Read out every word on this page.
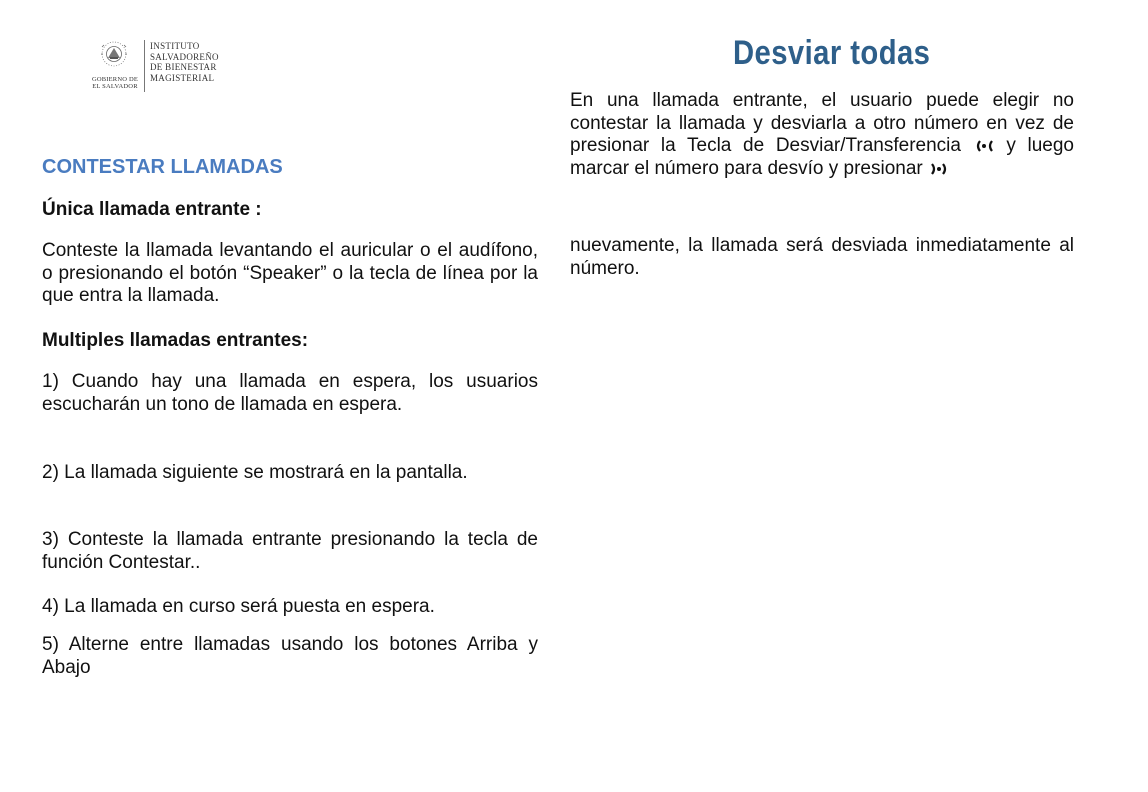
GOBIERNO DE
EL SALVADOR
INSTITUTO
SALVADOREÑO
DE BIENESTAR
MAGISTERIAL
CONTESTAR LLAMADAS
Única llamada entrante :
Conteste la llamada levantando el auricular o el audífono, o presionando el botón “Speaker” o la tecla de línea por la que entra la llamada.
Multiples llamadas entrantes:
1) Cuando hay una llamada en espera, los usuarios escucharán un tono de llamada en espera.
2) La llamada siguiente se mostrará en la pantalla.
3) Conteste la llamada entrante presionando la tecla de función Contestar..
4) La llamada en curso será puesta en espera.
5) Alterne entre llamadas usando los botones Arriba y Abajo
Desviar todas
En una llamada entrante, el usuario puede elegir no contestar la llamada y desviarla a otro número en vez de presionar la Tecla de Desviar/Transferencia y luego marcar el número para desvío y presionar
nuevamente, la llamada será desviada inmediatamente al número.
